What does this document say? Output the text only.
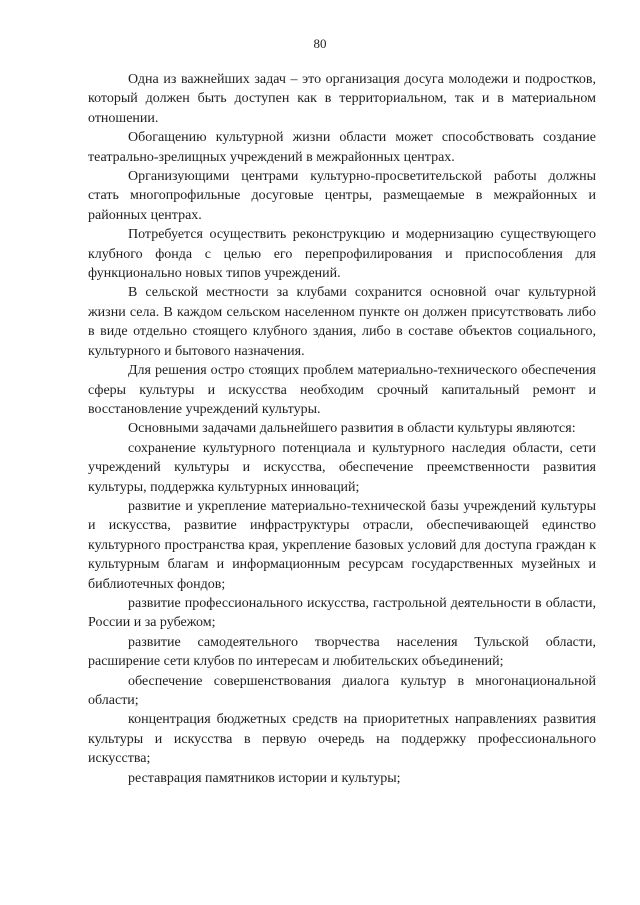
80

Одна из важнейших задач – это организация досуга молодежи и подростков, который должен быть доступен как в территориальном, так и в материальном отношении.

Обогащению культурной жизни области может способствовать создание театрально-зрелищных учреждений в межрайонных центрах.

Организующими центрами культурно-просветительской работы должны стать многопрофильные досуговые центры, размещаемые в межрайонных и районных центрах.

Потребуется осуществить реконструкцию и модернизацию существующего клубного фонда с целью его перепрофилирования и приспособления для функционально новых типов учреждений.

В сельской местности за клубами сохранится основной очаг культурной жизни села. В каждом сельском населенном пункте он должен присутствовать либо в виде отдельно стоящего клубного здания, либо в составе объектов социального, культурного и бытового назначения.

Для решения остро стоящих проблем материально-технического обеспечения сферы культуры и искусства необходим срочный капитальный ремонт и восстановление учреждений культуры.

Основными задачами дальнейшего развития в области культуры являются:

сохранение культурного потенциала и культурного наследия области, сети учреждений культуры и искусства, обеспечение преемственности развития культуры, поддержка культурных инноваций;

развитие и укрепление материально-технической базы учреждений культуры и искусства, развитие инфраструктуры отрасли, обеспечивающей единство культурного пространства края, укрепление базовых условий для доступа граждан к культурным благам и информационным ресурсам государственных музейных и библиотечных фондов;

развитие профессионального искусства, гастрольной деятельности в области, России и за рубежом;

развитие самодеятельного творчества населения Тульской области, расширение сети клубов по интересам и любительских объединений;

обеспечение совершенствования диалога культур в многонациональной области;

концентрация бюджетных средств на приоритетных направлениях развития культуры и искусства в первую очередь на поддержку профессионального искусства;

реставрация памятников истории и культуры;
